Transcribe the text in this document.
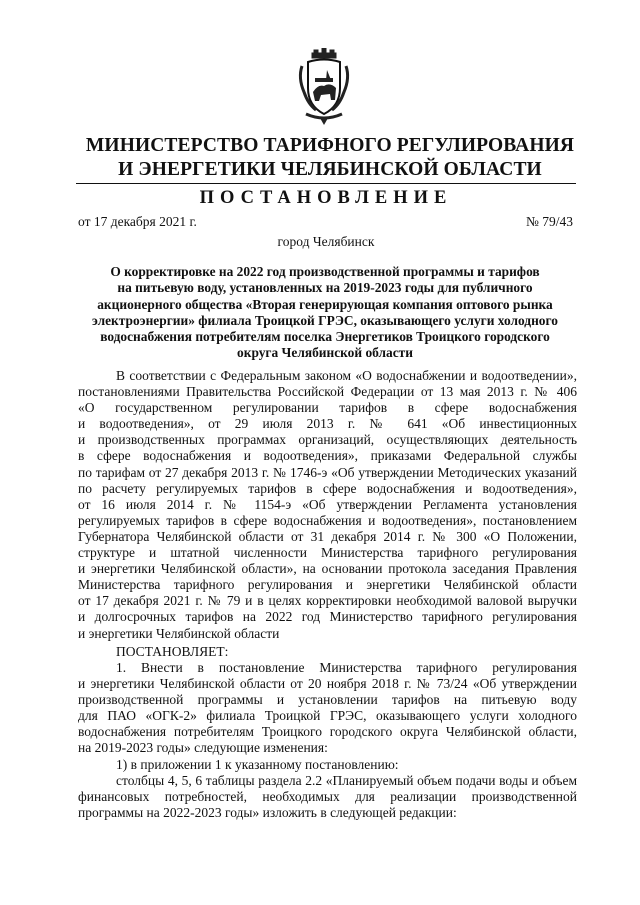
МИНИСТЕРСТВО ТАРИФНОГО РЕГУЛИРОВАНИЯ
И ЭНЕРГЕТИКИ ЧЕЛЯБИНСКОЙ ОБЛАСТИ
ПОСТАНОВЛЕНИЕ
от 17 декабря 2021 г.	№ 79/43
город Челябинск
О корректировке на 2022 год производственной программы и тарифов
на питьевую воду, установленных на 2019-2023 годы для публичного
акционерного общества «Вторая генерирующая компания оптового рынка
электроэнергии» филиала Троицкой ГРЭС, оказывающего услуги холодного
водоснабжения потребителям поселка Энергетиков Троицкого городского
округа Челябинской области
В соответствии с Федеральным законом «О водоснабжении и водоотведении»,
постановлениями Правительства Российской Федерации от 13 мая 2013 г. № 406
«О государственном регулировании тарифов в сфере водоснабжения
и водоотведения», от 29 июля 2013 г. № 641 «Об инвестиционных
и производственных программах организаций, осуществляющих деятельность
в сфере водоснабжения и водоотведения», приказами Федеральной службы
по тарифам от 27 декабря 2013 г. № 1746-э «Об утверждении Методических указаний
по расчету регулируемых тарифов в сфере водоснабжения и водоотведения»,
от 16 июля 2014 г. № 1154-э «Об утверждении Регламента установления
регулируемых тарифов в сфере водоснабжения и водоотведения», постановлением
Губернатора Челябинской области от 31 декабря 2014 г. № 300 «О Положении,
структуре и штатной численности Министерства тарифного регулирования
и энергетики Челябинской области», на основании протокола заседания Правления
Министерства тарифного регулирования и энергетики Челябинской области
от 17 декабря 2021 г. № 79 и в целях корректировки необходимой валовой выручки
и долгосрочных тарифов на 2022 год Министерство тарифного регулирования
и энергетики Челябинской области
ПОСТАНОВЛЯЕТ:
1. Внести в постановление Министерства тарифного регулирования
и энергетики Челябинской области от 20 ноября 2018 г. № 73/24 «Об утверждении
производственной программы и установлении тарифов на питьевую воду
для ПАО «ОГК-2» филиала Троицкой ГРЭС, оказывающего услуги холодного
водоснабжения потребителям Троицкого городского округа Челябинской области,
на 2019-2023 годы» следующие изменения:
1) в приложении 1 к указанному постановлению:
столбцы 4, 5, 6 таблицы раздела 2.2 «Планируемый объем подачи воды и объем
финансовых потребностей, необходимых для реализации производственной
программы на 2022-2023 годы» изложить в следующей редакции:
